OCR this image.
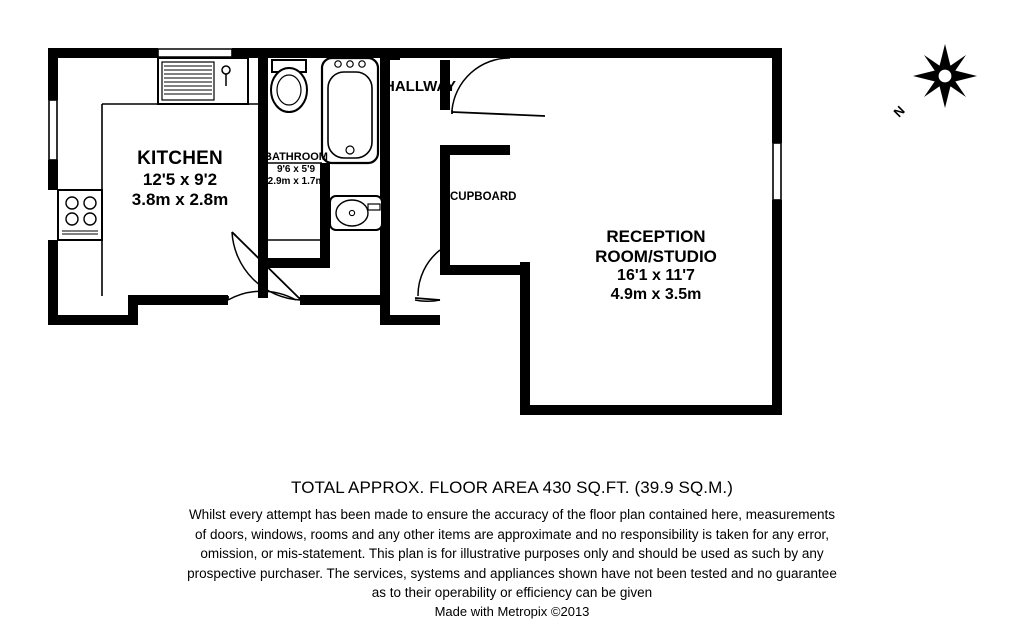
N
KITCHEN
12'5 x 9'2
3.8m x 2.8m
BATHROOM
9'6 x 5'9
2.9m x 1.7m
HALLWAY
CUPBOARD
RECEPTION
ROOM/STUDIO
16'1 x 11'7
4.9m x 3.5m
TOTAL APPROX. FLOOR AREA 430 SQ.FT. (39.9 SQ.M.)

Whilst every attempt has been made to ensure the accuracy of the floor plan contained here, measurements

of doors, windows, rooms and any other items are approximate and no responsibility is taken for any error,

omission, or mis-statement. This plan is for illustrative purposes only and should be used as such by any

prospective purchaser. The services, systems and appliances shown have not been tested and no guarantee

as to their operability or efficiency can be given

Made with Metropix ©2013
